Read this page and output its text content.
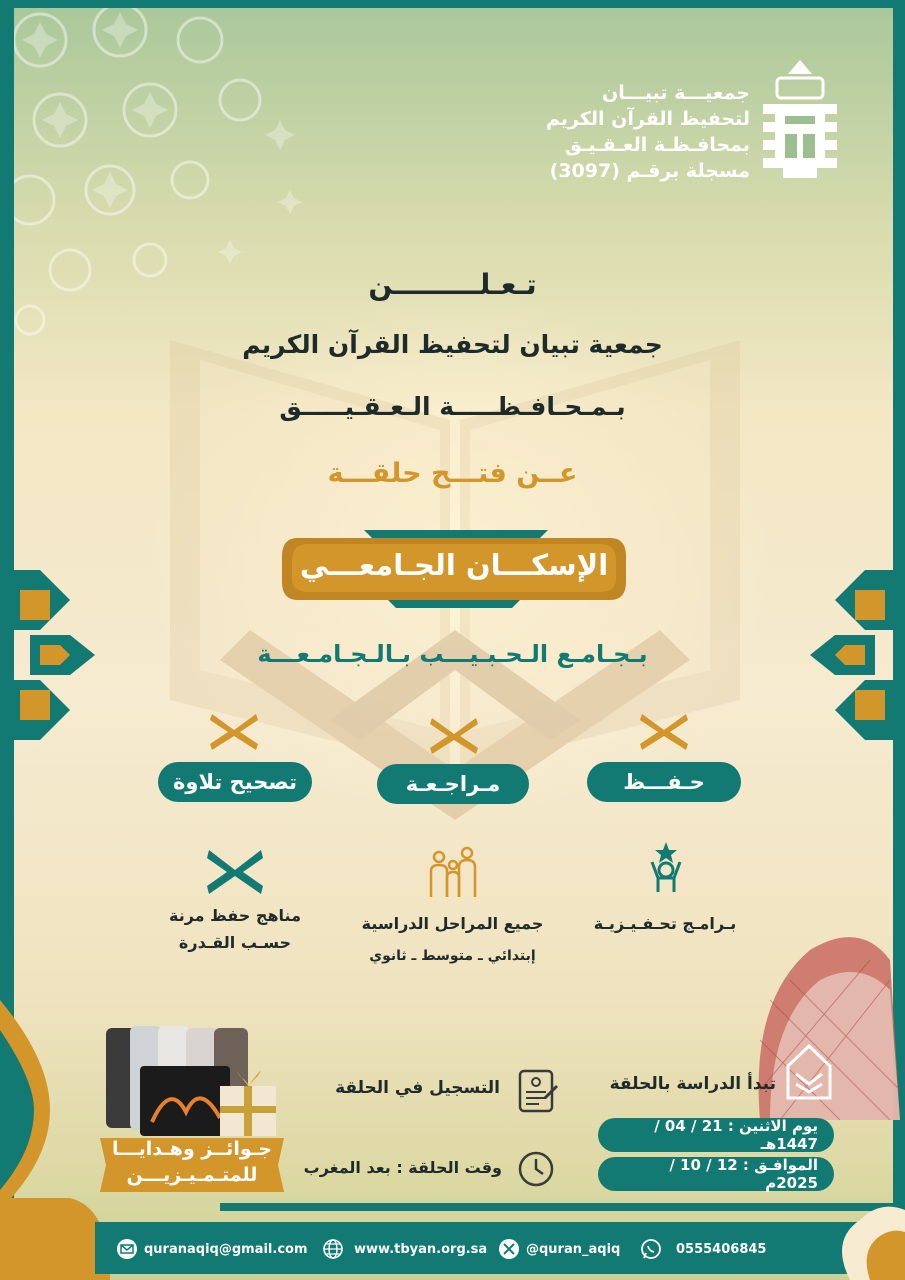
جمعيـــة تبيـــان
لتحفيظ القرآن الكريم
بمحافـظـة العـقـيـق
مسجلة برقـم (3097)
تـعـلـــــــــن
جمعية تبيان لتحفيظ القرآن الكريم
بـمـحـافـظـــــة الـعـقـيـــــق
عــن فتـــح حلقـــة
الإسكـــان الجـامعـــي
بـجـامـع الـحـبـيـــب بـالـجـامـعـــة
حـفـــظ
مـراجـعـة
تصحيح تلاوة
بـرامـج تحـفـيـزيـة
جميع المراحل الدراسية
إبتدائي ـ متوسط ـ ثانوي
مناهج حفظ مرنة
حسـب القـدرة
جـوائــز وهـدايـــا
للمتـمـيـزيـــن
التسجيل في الحلقة
وقت الحلقة : بعد المغرب
تبدأ الدراسة بالحلقة
يوم الاثنين : 21 / 04 / 1447هـ
الموافـق : 12 / 10 / 2025م
quranaqiq@gmail.com	www.tbyan.org.sa	@quran_aqiq	0555406845
